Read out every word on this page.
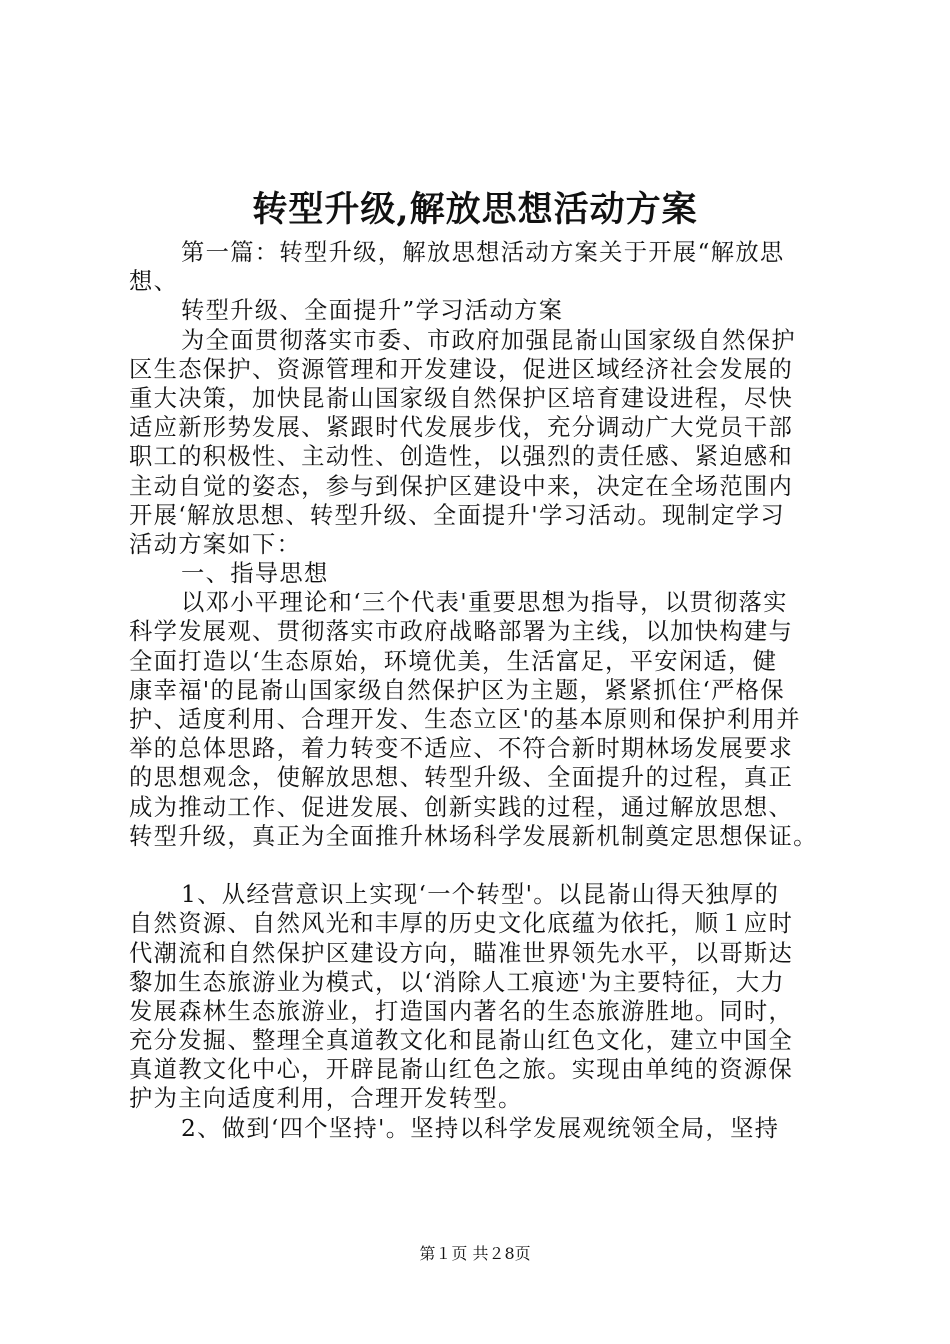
转型升级,解放思想活动方案
第一篇：转型升级，解放思想活动方案关于开展“解放思
想、
转型升级、全面提升”学习活动方案
为全面贯彻落实市委、市政府加强昆嵛山国家级自然保护
区生态保护、资源管理和开发建设，促进区域经济社会发展的
重大决策，加快昆嵛山国家级自然保护区培育建设进程，尽快
适应新形势发展、紧跟时代发展步伐，充分调动广大党员干部
职工的积极性、主动性、创造性，以强烈的责任感、紧迫感和
主动自觉的姿态，参与到保护区建设中来，决定在全场范围内
开展‘解放思想、转型升级、全面提升'学习活动。现制定学习
活动方案如下：
一、指导思想
以邓小平理论和‘三个代表'重要思想为指导，以贯彻落实
科学发展观、贯彻落实市政府战略部署为主线，以加快构建与
全面打造以‘生态原始，环境优美，生活富足，平安闲适，健
康幸福'的昆嵛山国家级自然保护区为主题，紧紧抓住‘严格保
护、适度利用、合理开发、生态立区'的基本原则和保护利用并
举的总体思路，着力转变不适应、不符合新时期林场发展要求
的思想观念，使解放思想、转型升级、全面提升的过程，真正
成为推动工作、促进发展、创新实践的过程，通过解放思想、
转型升级，真正为全面推升林场科学发展新机制奠定思想保证。
1、从经营意识上实现‘一个转型'。以昆嵛山得天独厚的
自然资源、自然风光和丰厚的历史文化底蕴为依托，顺１应时
代潮流和自然保护区建设方向，瞄准世界领先水平，以哥斯达
黎加生态旅游业为模式，以‘消除人工痕迹'为主要特征，大力
发展森林生态旅游业，打造国内著名的生态旅游胜地。同时，
充分发掘、整理全真道教文化和昆嵛山红色文化，建立中国全
真道教文化中心，开辟昆嵛山红色之旅。实现由单纯的资源保
护为主向适度利用，合理开发转型。
2、做到‘四个坚持'。坚持以科学发展观统领全局，坚持
第１页 共２8页
